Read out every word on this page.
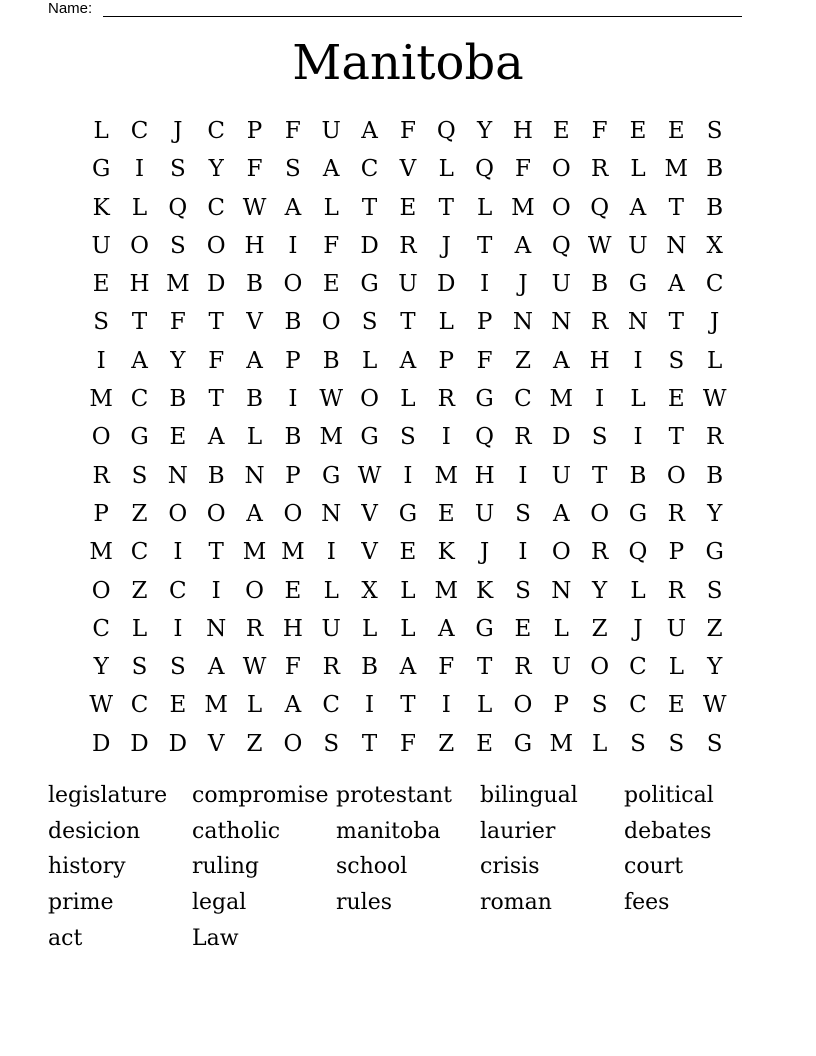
Name:
Manitoba
L C	J	C P F U A F Q Y H E F E E S
G	I	S Y F S A C V L Q F O R L M B
K L Q C W A L	T E T	L M O Q A T B
U O S O H	I	F D R	J	T A Q W U N X
E H M D B O E G U D	I	J	U B G A C
S T F T V B O S T	L P N N R N T	J
I	A Y F A P B L A P F Z A H	I	S L
M C B T B	I W O L R G C M I	L E W
O G E A L B M G S	I	Q R D S	I	T R
R S N B N P G W I M H	I	U T B O B
P Z O O A O N V G E U S A O G R Y
M C	I	T M M I	V E K	J	I	O R Q P G
O Z C	I	O E L X L M K S N Y	L R S
C L	I	N R H U L	L A G E L Z	J	U Z
Y S S A W F R B A F T R U O C L	Y
W C E M L A C	I	T	I	L O P S C E W
D D D V Z O S T F Z E G M L S S S
legislature	compromise protestant	bilingual	political
desicion	catholic	manitoba	laurier	debates
history	ruling	school	crisis	court
prime	legal	rules	roman	fees
act	Law
